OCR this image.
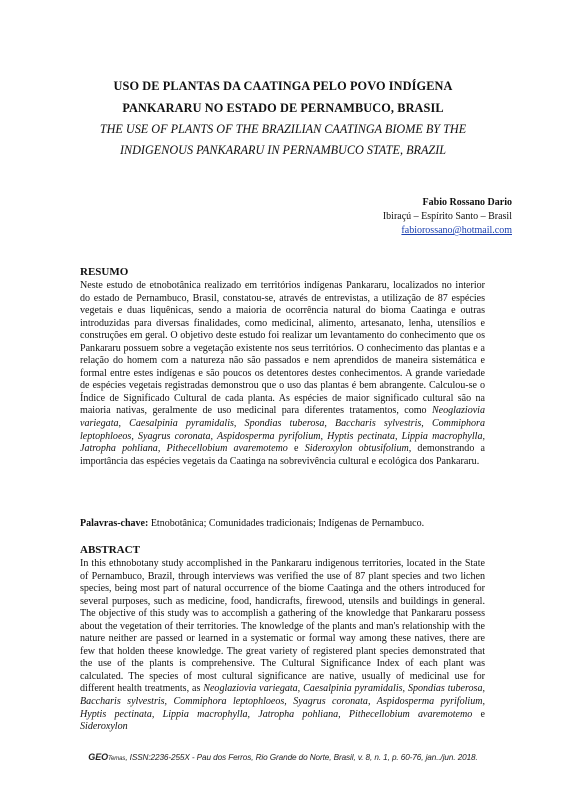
USO DE PLANTAS DA CAATINGA PELO POVO INDÍGENA
PANKARARU NO ESTADO DE PERNAMBUCO, BRASIL
THE USE OF PLANTS OF THE BRAZILIAN CAATINGA BIOME BY THE
INDIGENOUS PANKARARU IN PERNAMBUCO STATE, BRAZIL
Fabio Rossano Dario
Ibiraçú – Espírito Santo – Brasil
fabiorossano@hotmail.com
RESUMO
Neste estudo de etnobotânica realizado em territórios indígenas Pankararu, localizados no interior do estado de Pernambuco, Brasil, constatou-se, através de entrevistas, a utilização de 87 espécies vegetais e duas liquênicas, sendo a maioria de ocorrência natural do bioma Caatinga e outras introduzidas para diversas finalidades, como medicinal, alimento, artesanato, lenha, utensílios e construções em geral. O objetivo deste estudo foi realizar um levantamento do conhecimento que os Pankararu possuem sobre a vegetação existente nos seus territórios. O conhecimento das plantas e a relação do homem com a natureza não são passados e nem aprendidos de maneira sistemática e formal entre estes indígenas e são poucos os detentores destes conhecimentos. A grande variedade de espécies vegetais registradas demonstrou que o uso das plantas é bem abrangente. Calculou-se o Índice de Significado Cultural de cada planta. As espécies de maior significado cultural são na maioria nativas, geralmente de uso medicinal para diferentes tratamentos, como Neoglaziovia variegata, Caesalpinia pyramidalis, Spondias tuberosa, Baccharis sylvestris, Commiphora leptophloeos, Syagrus coronata, Aspidosperma pyrifolium, Hyptis pectinata, Lippia macrophylla, Jatropha pohliana, Pithecellobium avaremotemo e Sideroxylon obtusifolium, demonstrando a importância das espécies vegetais da Caatinga na sobrevivência cultural e ecológica dos Pankararu.
Palavras-chave: Etnobotânica; Comunidades tradicionais; Indígenas de Pernambuco.
ABSTRACT
In this ethnobotany study accomplished in the Pankararu indigenous territories, located in the State of Pernambuco, Brazil, through interviews was verified the use of 87 plant species and two lichen species, being most part of natural occurrence of the biome Caatinga and the others introduced for several purposes, such as medicine, food, handicrafts, firewood, utensils and buildings in general. The objective of this study was to accomplish a gathering of the knowledge that Pankararu possess about the vegetation of their territories. The knowledge of the plants and man's relationship with the nature neither are passed or learned in a systematic or formal way among these natives, there are few that holden theese knowledge. The great variety of registered plant species demonstrated that the use of the plants is comprehensive. The Cultural Significance Index of each plant was calculated. The species of most cultural significance are native, usually of medicinal use for different health treatments, as Neoglaziovia variegata, Caesalpinia pyramidalis, Spondias tuberosa, Baccharis sylvestris, Commiphora leptophloeos, Syagrus coronata, Aspidosperma pyrifolium, Hyptis pectinata, Lippia macrophylla, Jatropha pohliana, Pithecellobium avaremotemo e Sideroxylon
GEOTemas, ISSN:2236-255X - Pau dos Ferros, Rio Grande do Norte, Brasil, v. 8, n. 1, p. 60-76, jan../jun. 2018.
